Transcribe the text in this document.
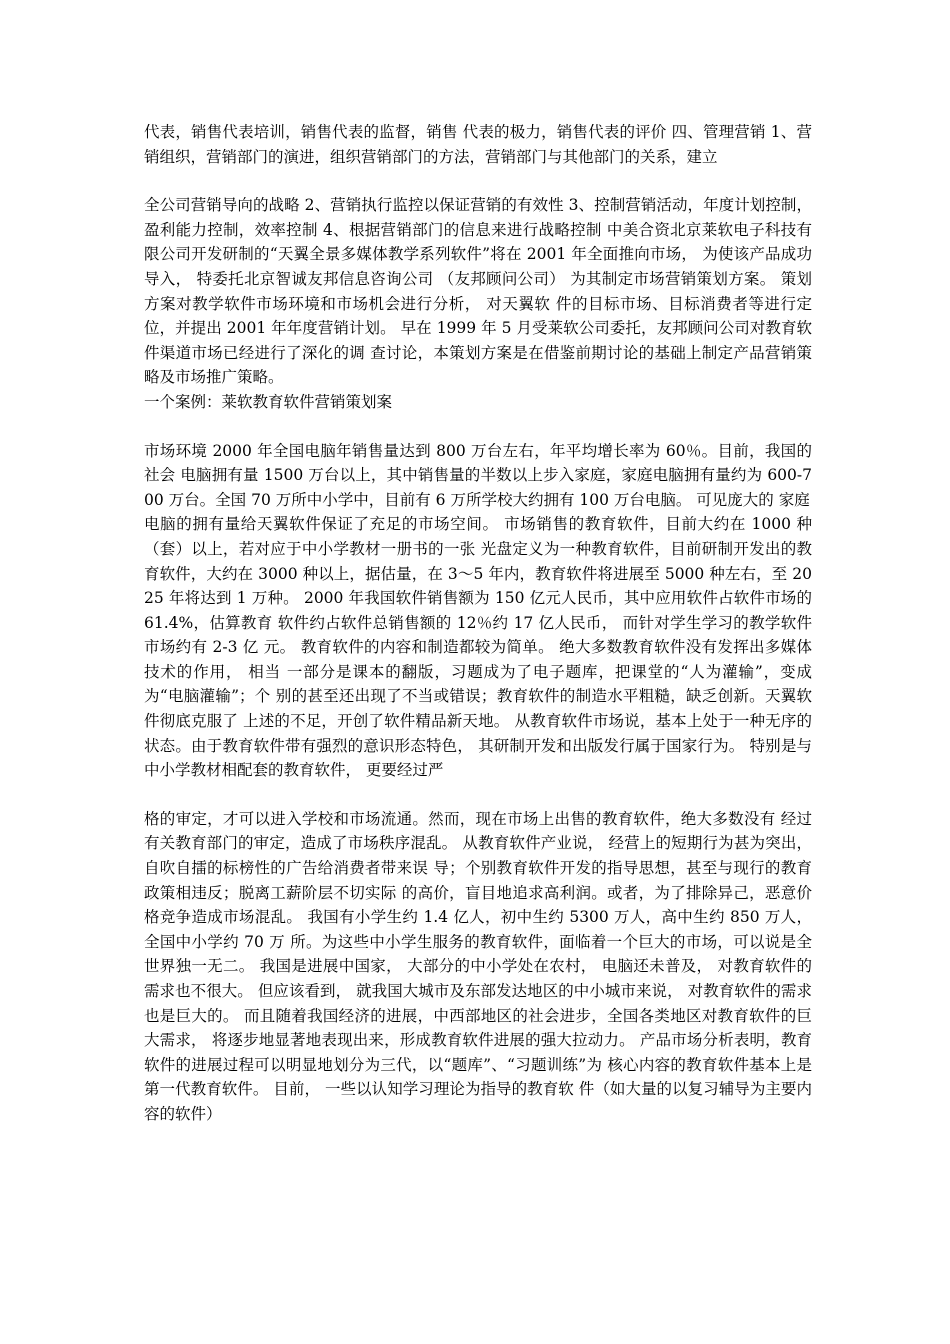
代表，销售代表培训，销售代表的监督，销售 代表的极力，销售代表的评价 四、管理营销 1、营销组织，营销部门的演进，组织营销部门的方法，营销部门与其他部门的关系，建立

全公司营销导向的战略 2、营销执行监控以保证营销的有效性 3、控制营销活动，年度计划控制，盈利能力控制，效率控制 4、根据营销部门的信息来进行战略控制 中美合资北京莱软电子科技有限公司开发研制的“天翼全景多媒体教学系列软件”将在 2001 年全面推向市场， 为使该产品成功导入， 特委托北京智诚友邦信息咨询公司 （友邦顾问公司） 为其制定市场营销策划方案。 策划方案对教学软件市场环境和市场机会进行分析， 对天翼软 件的目标市场、目标消费者等进行定位，并提出 2001 年年度营销计划。 早在 1999 年 5 月受莱软公司委托，友邦顾问公司对教育软件渠道市场已经进行了深化的调 查讨论，本策划方案是在借鉴前期讨论的基础上制定产品营销策略及市场推广策略。

一个案例：莱软教育软件营销策划案

市场环境 2000 年全国电脑年销售量达到 800 万台左右，年平均增长率为 60％。目前，我国的社会 电脑拥有量 1500 万台以上，其中销售量的半数以上步入家庭，家庭电脑拥有量约为 600-7 00 万台。全国 70 万所中小学中，目前有 6 万所学校大约拥有 100 万台电脑。 可见庞大的 家庭

电脑的拥有量给天翼软件保证了充足的市场空间。 市场销售的教育软件，目前大约在 1000 种（套）以上，若对应于中小学教材一册书的一张 光盘定义为一种教育软件，目前研制开发出的教育软件，大约在 3000 种以上，据估量，在 3～5 年内，教育软件将进展至 5000 种左右，至 2025 年将达到 1 万种。 2000 年我国软件销售额为 150 亿元人民币，其中应用软件占软件市场的 61.4%，估算教育 软件约占软件总销售额的 12％约 17 亿人民币， 而针对学生学习的教学软件市场约有 2-3 亿 元。 教育软件的内容和制造都较为简单。 绝大多数教育软件没有发挥出多媒体技术的作用， 相当 一部分是课本的翻版，习题成为了电子题库，把课堂的“人为灌输”，变成为“电脑灌输”；个 别的甚至还出现了不当或错误；教育软件的制造水平粗糙，缺乏创新。天翼软件彻底克服了 上述的不足，开创了软件精品新天地。 从教育软件市场说，基本上处于一种无序的状态。由于教育软件带有强烈的意识形态特色， 其研制开发和出版发行属于国家行为。 特别是与中小学教材相配套的教育软件， 更要经过严

格的审定，才可以进入学校和市场流通。然而，现在市场上出售的教育软件，绝大多数没有 经过有关教育部门的审定，造成了市场秩序混乱。 从教育软件产业说， 经营上的短期行为甚为突出， 自吹自擂的标榜性的广告给消费者带来误 导；个别教育软件开发的指导思想，甚至与现行的教育政策相违反；脱离工薪阶层不切实际 的高价，盲目地追求高利润。或者，为了排除异己，恶意价格竞争造成市场混乱。 我国有小学生约 1.4 亿人，初中生约 5300 万人，高中生约 850 万人，全国中小学约 70 万 所。为这些中小学生服务的教育软件，面临着一个巨大的市场，可以说是全世界独一无二。 我国是进展中国家， 大部分的中小学处在农村， 电脑还未普及， 对教育软件的需求也不很大。 但应该看到， 就我国大城市及东部发达地区的中小城市来说， 对教育软件的需求也是巨大的。 而且随着我国经济的进展，中西部地区的社会进步，全国各类地区对教育软件的巨大需求， 将逐步地显著地表现出来，形成教育软件进展的强大拉动力。 产品市场分析表明，教育软件的进展过程可以明显地划分为三代，以“题库”、“习题训练”为 核心内容的教育软件基本上是第一代教育软件。 目前， 一些以认知学习理论为指导的教育软 件（如大量的以复习辅导为主要内容的软件）
